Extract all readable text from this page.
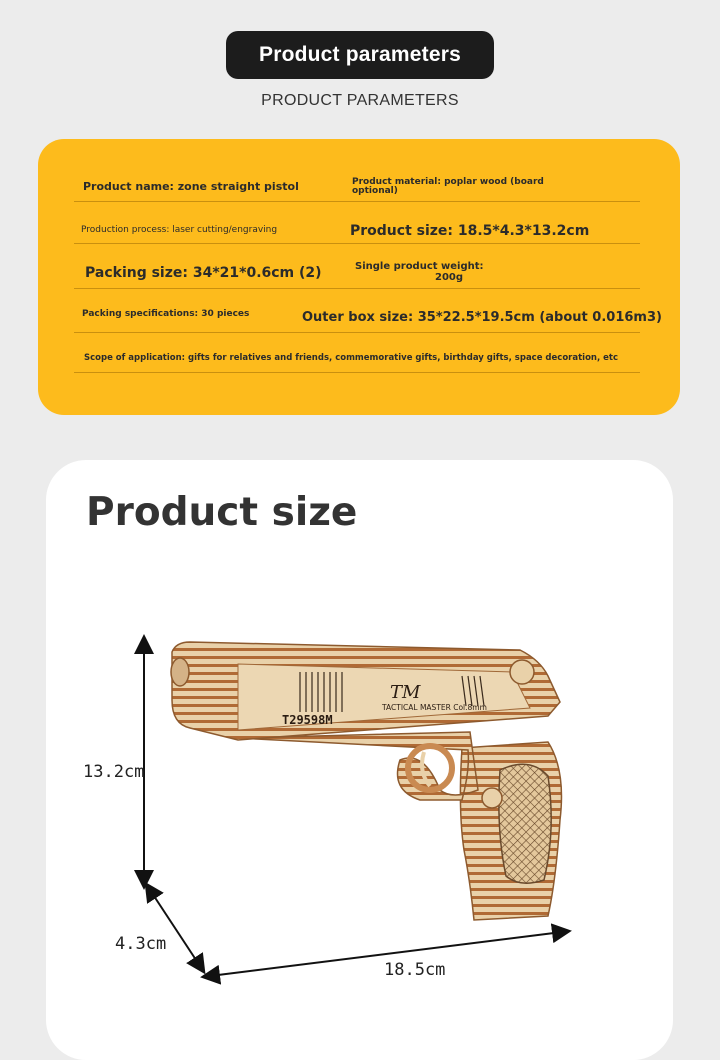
Product parameters
PRODUCT PARAMETERS
Product name: zone straight pistol	Product material: poplar wood (board
optional)
Production process: laser cutting/engraving	Product size: 18.5*4.3*13.2cm
Packing size: 34*21*0.6cm (2)	Single product weight:
200g
Packing specifications: 30 pieces	Outer box size: 35*22.5*19.5cm (about 0.016m3)
Scope of application: gifts for relatives and friends, commemorative gifts, birthday gifts, space decoration, etc
Product size
TM
TACTICAL MASTER Col.8mm
T29598M
13.2cm
4.3cm
18.5cm
